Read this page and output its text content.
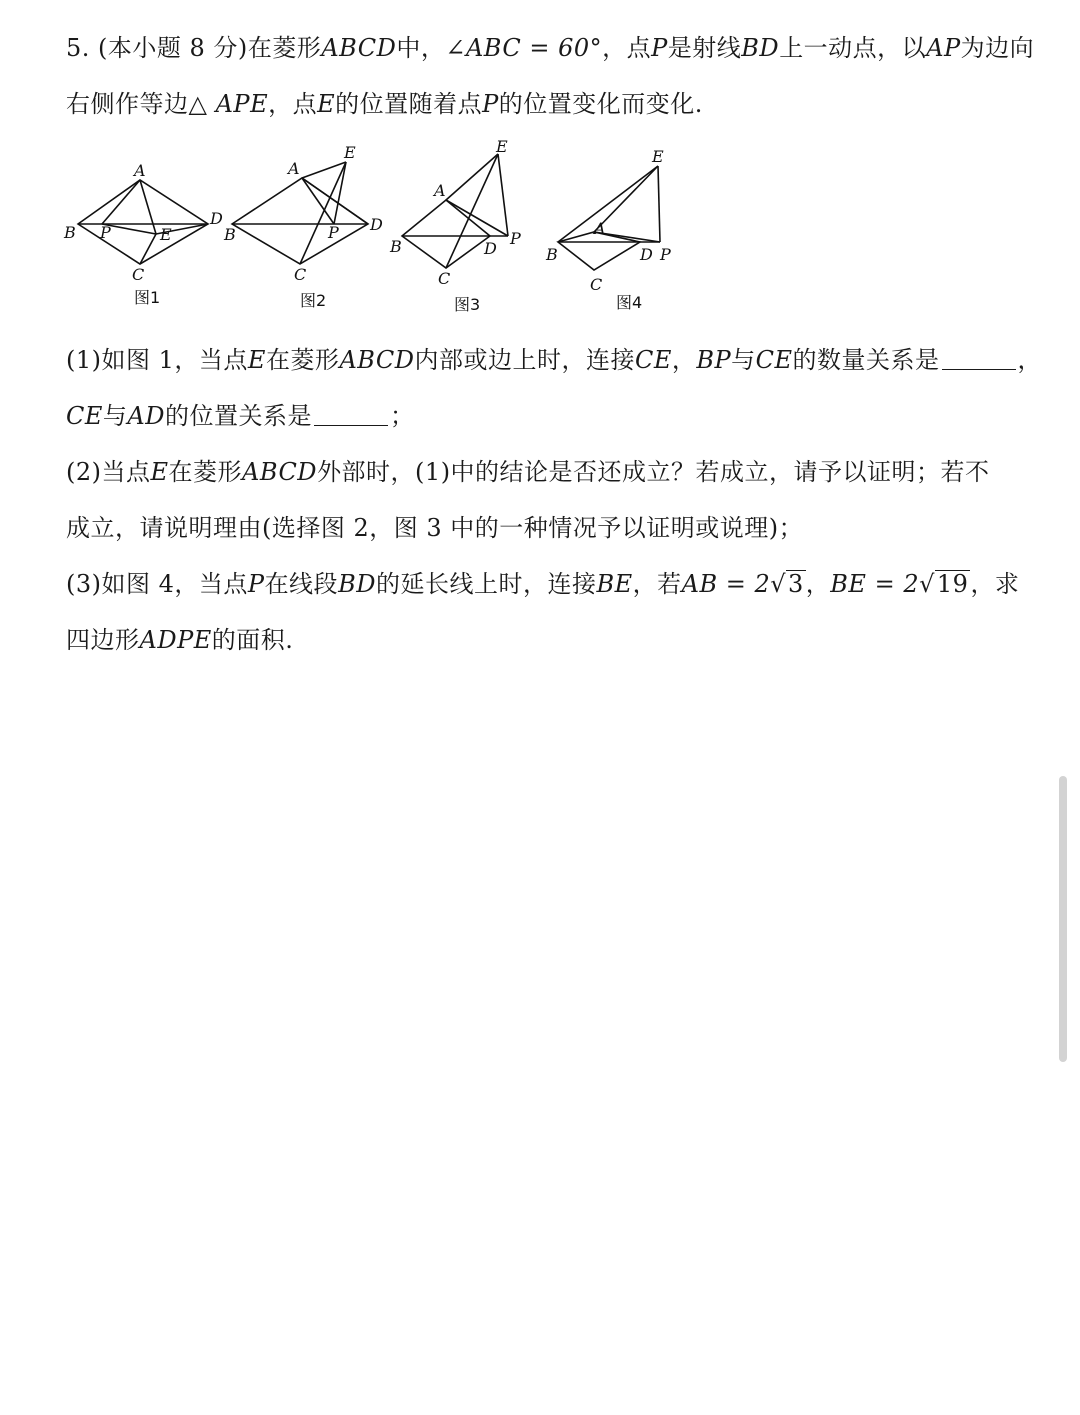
5. (本小题 8 分)在菱形ABCD中，∠ABC = 60°，点P是射线BD上一动点，以AP为边向
右侧作等边△ APE，点E的位置随着点P的位置变化而变化.
A
B P	E
D
C
图1
A
E
B	P D
C
图2
A
E
B	D
P
C
图3
A
E
B	D P
C
图4
(1)如图 1，当点E在菱形ABCD内部或边上时，连接CE，BP与CE的数量关系是	，
CE与AD的位置关系是	；
(2)当点E在菱形ABCD外部时，(1)中的结论是否还成立？若成立，请予以证明；若不
成立，请说明理由(选择图 2，图 3 中的一种情况予以证明或说理)；
(3)如图 4，当点P在线段BD的延长线上时，连接BE，若AB = 2√3，BE = 2√19，求
四边形ADPE的面积.
